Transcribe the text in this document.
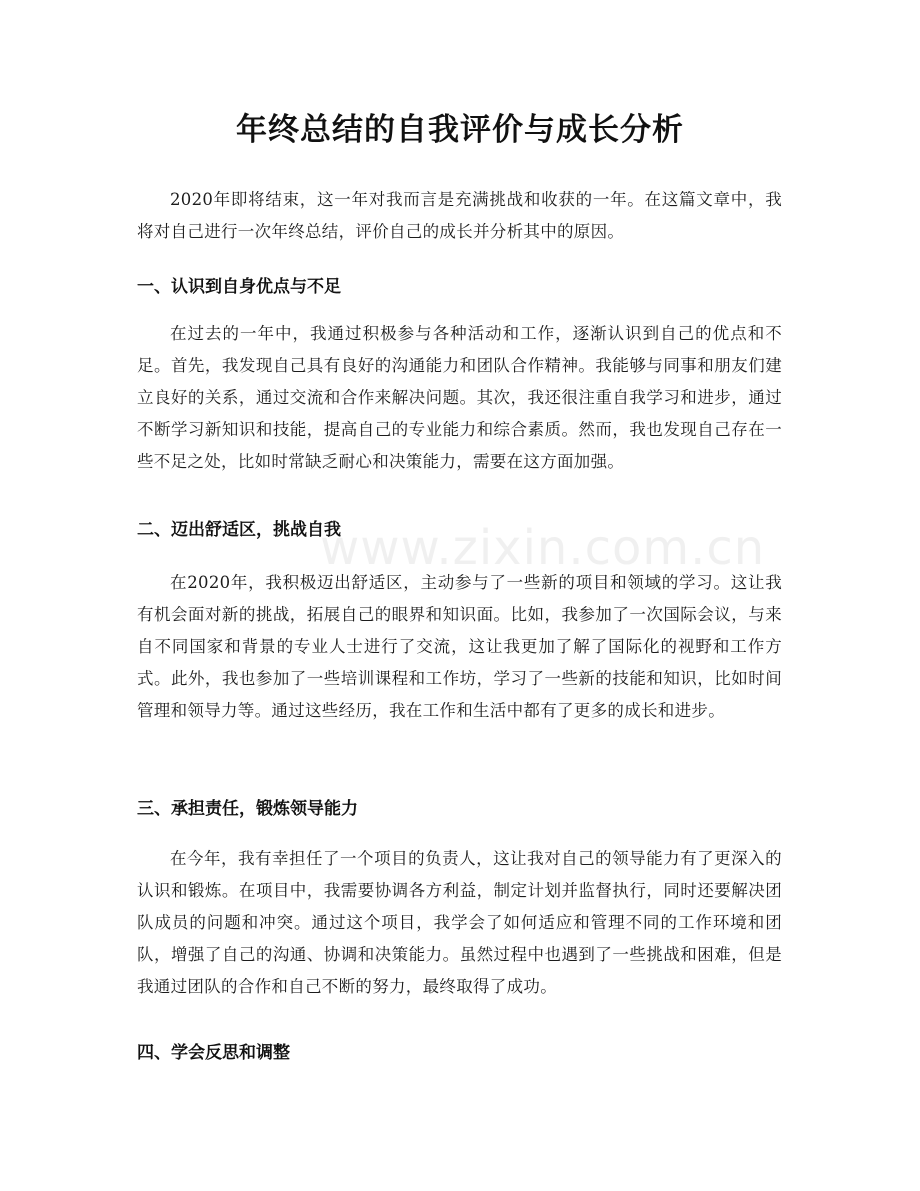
www.zixin.com.cn
年终总结的自我评价与成长分析

2020年即将结束，这一年对我而言是充满挑战和收获的一年。在这篇文章中，我将对自己进行一次年终总结，评价自己的成长并分析其中的原因。

一、认识到自身优点与不足

在过去的一年中，我通过积极参与各种活动和工作，逐渐认识到自己的优点和不足。首先，我发现自己具有良好的沟通能力和团队合作精神。我能够与同事和朋友们建立良好的关系，通过交流和合作来解决问题。其次，我还很注重自我学习和进步，通过不断学习新知识和技能，提高自己的专业能力和综合素质。然而，我也发现自己存在一些不足之处，比如时常缺乏耐心和决策能力，需要在这方面加强。

二、迈出舒适区，挑战自我

在2020年，我积极迈出舒适区，主动参与了一些新的项目和领域的学习。这让我有机会面对新的挑战，拓展自己的眼界和知识面。比如，我参加了一次国际会议，与来自不同国家和背景的专业人士进行了交流，这让我更加了解了国际化的视野和工作方式。此外，我也参加了一些培训课程和工作坊，学习了一些新的技能和知识，比如时间管理和领导力等。通过这些经历，我在工作和生活中都有了更多的成长和进步。

三、承担责任，锻炼领导能力

在今年，我有幸担任了一个项目的负责人，这让我对自己的领导能力有了更深入的认识和锻炼。在项目中，我需要协调各方利益，制定计划并监督执行，同时还要解决团队成员的问题和冲突。通过这个项目，我学会了如何适应和管理不同的工作环境和团队，增强了自己的沟通、协调和决策能力。虽然过程中也遇到了一些挑战和困难，但是我通过团队的合作和自己不断的努力，最终取得了成功。

四、学会反思和调整
